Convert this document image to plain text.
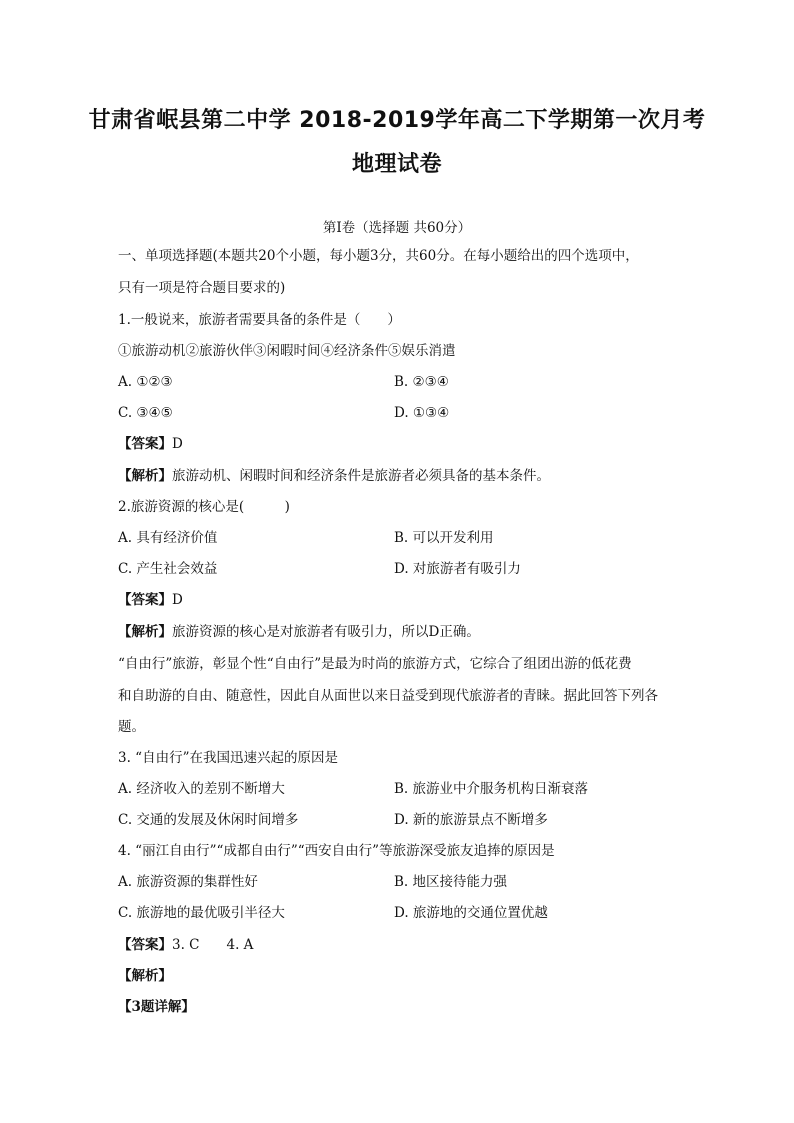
甘肃省岷县第二中学 2018-2019学年高二下学期第一次月考
地理试卷
第Ⅰ卷（选择题 共60分）
一、单项选择题(本题共20个小题，每小题3分，共60分。在每小题给出的四个选项中，
只有一项是符合题目要求的)
1.一般说来，旅游者需要具备的条件是（　　）
①旅游动机②旅游伙伴③闲暇时间④经济条件⑤娱乐消遣
A. ①②③	B. ②③④
C. ③④⑤	D. ①③④
【答案】D
【解析】旅游动机、闲暇时间和经济条件是旅游者必须具备的基本条件。
2.旅游资源的核心是(　　　)
A. 具有经济价值	B. 可以开发利用
C. 产生社会效益	D. 对旅游者有吸引力
【答案】D
【解析】旅游资源的核心是对旅游者有吸引力，所以D正确。
“自由行”旅游，彰显个性“自由行”是最为时尚的旅游方式，它综合了组团出游的低花费
和自助游的自由、随意性，因此自从面世以来日益受到现代旅游者的青睐。据此回答下列各
题。
3. “自由行”在我国迅速兴起的原因是
A. 经济收入的差别不断增大	B. 旅游业中介服务机构日渐衰落
C. 交通的发展及休闲时间增多	D. 新的旅游景点不断增多
4. “丽江自由行”“成都自由行”“西安自由行”等旅游深受旅友追捧的原因是
A. 旅游资源的集群性好	B. 地区接待能力强
C. 旅游地的最优吸引半径大	D. 旅游地的交通位置优越
【答案】3. C　　4. A
【解析】
【3题详解】
